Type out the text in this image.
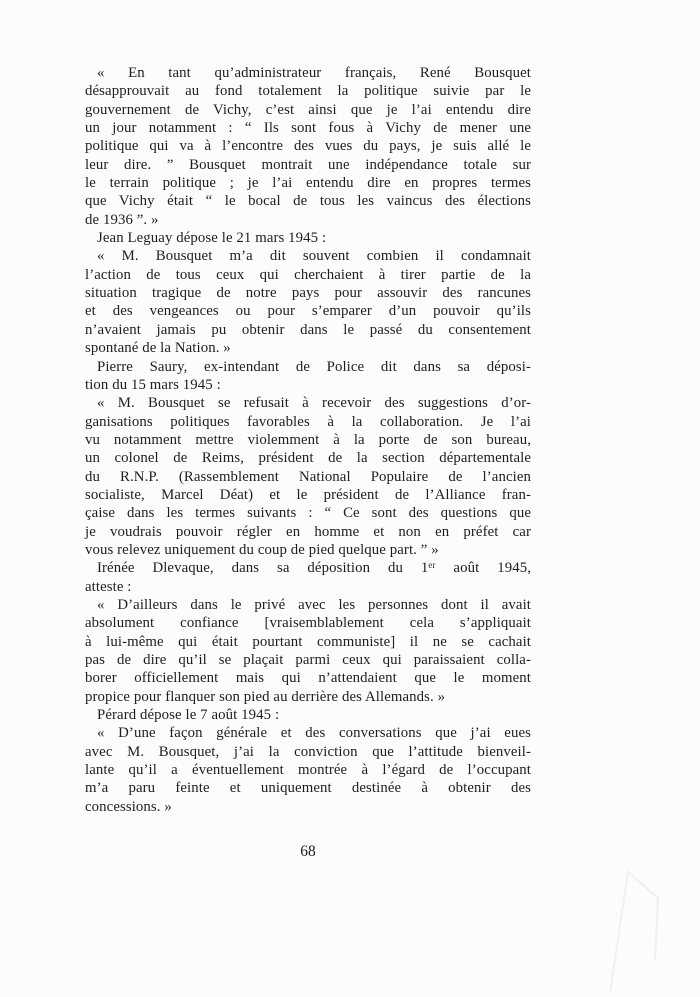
« En tant qu’administrateur français, René Bousquet
désapprouvait au fond totalement la politique suivie par le
gouvernement de Vichy, c’est ainsi que je l’ai entendu dire
un jour notamment : “ Ils sont fous à Vichy de mener une
politique qui va à l’encontre des vues du pays, je suis allé le
leur dire. ” Bousquet montrait une indépendance totale sur
le terrain politique ; je l’ai entendu dire en propres termes
que Vichy était “ le bocal de tous les vaincus des élections
de 1936 ”. »
Jean Leguay dépose le 21 mars 1945 :
« M. Bousquet m’a dit souvent combien il condamnait
l’action de tous ceux qui cherchaient à tirer partie de la
situation tragique de notre pays pour assouvir des rancunes
et des vengeances ou pour s’emparer d’un pouvoir qu’ils
n’avaient jamais pu obtenir dans le passé du consentement
spontané de la Nation. »
Pierre Saury, ex-intendant de Police dit dans sa déposi-
tion du 15 mars 1945 :
« M. Bousquet se refusait à recevoir des suggestions d’or-
ganisations politiques favorables à la collaboration. Je l’ai
vu notamment mettre violemment à la porte de son bureau,
un colonel de Reims, président de la section départementale
du R.N.P. (Rassemblement National Populaire de l’ancien
socialiste, Marcel Déat) et le président de l’Alliance fran-
çaise dans les termes suivants : “ Ce sont des questions que
je voudrais pouvoir régler en homme et non en préfet car
vous relevez uniquement du coup de pied quelque part. ” »
Irénée Dlevaque, dans sa déposition du 1ᵉʳ août 1945,
atteste :
« D’ailleurs dans le privé avec les personnes dont il avait
absolument confiance [vraisemblablement cela s’appliquait
à lui-même qui était pourtant communiste] il ne se cachait
pas de dire qu’il se plaçait parmi ceux qui paraissaient colla-
borer officiellement mais qui n’attendaient que le moment
propice pour flanquer son pied au derrière des Allemands. »
Pérard dépose le 7 août 1945 :
« D’une façon générale et des conversations que j’ai eues
avec M. Bousquet, j’ai la conviction que l’attitude bienveil-
lante qu’il a éventuellement montrée à l’égard de l’occupant
m’a paru feinte et uniquement destinée à obtenir des
concessions. »
68
